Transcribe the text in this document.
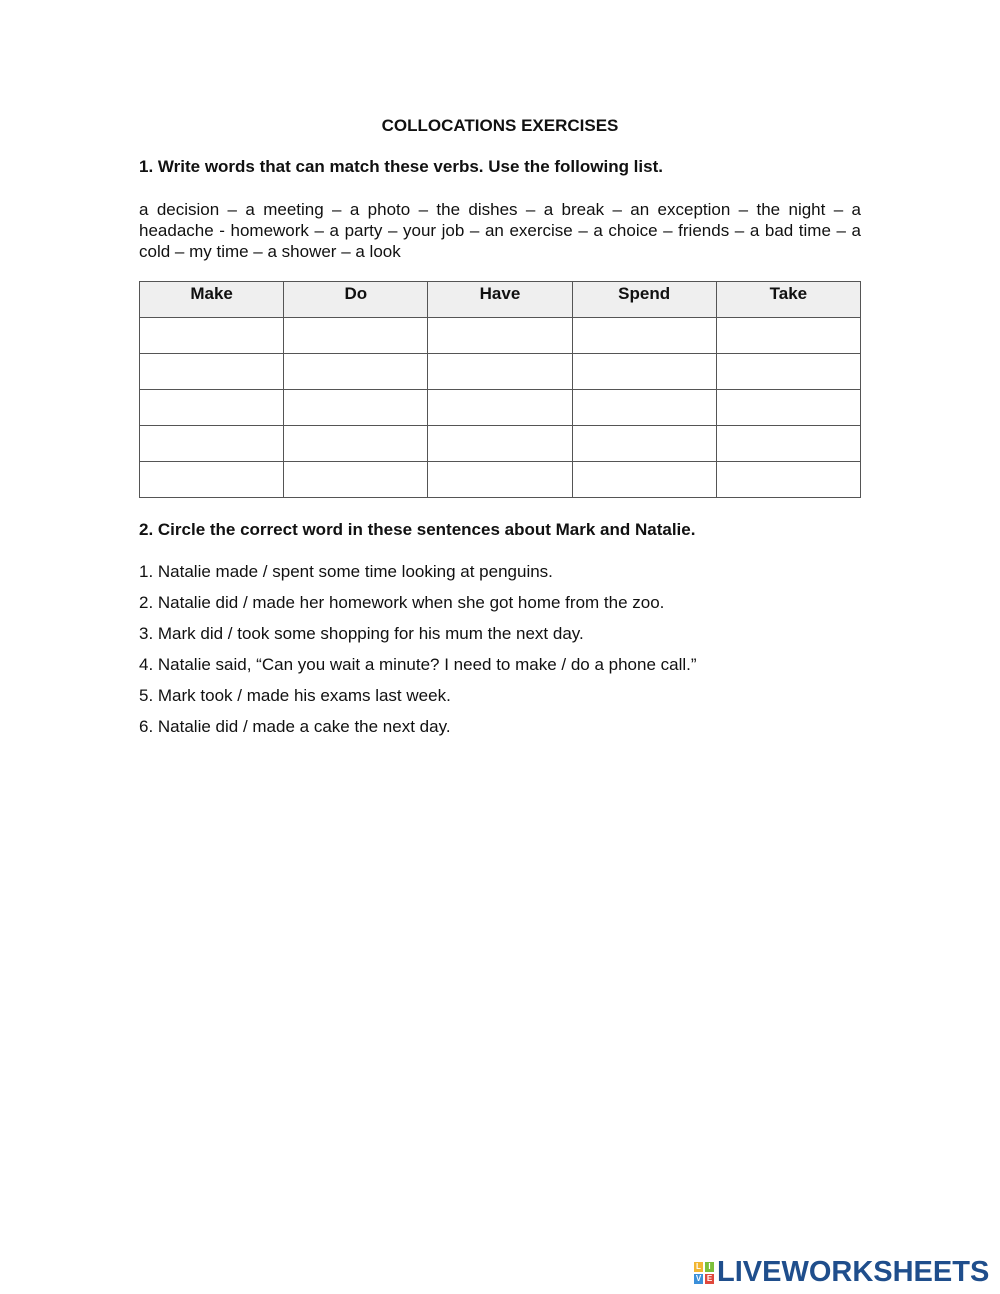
COLLOCATIONS EXERCISES
1. Write words that can match these verbs. Use the following list.
a decision – a meeting – a photo – the dishes – a break – an exception – the night – a headache - homework – a party – your job – an exercise – a choice – friends – a bad time – a cold – my time – a shower – a look
Make	Do	Have	Spend	Take

2. Circle the correct word in these sentences about Mark and Natalie.
1. Natalie made / spent some time looking at penguins.
2. Natalie did / made her homework when she got home from the zoo.
3. Mark did / took some shopping for his mum the next day.
4. Natalie said, “Can you wait a minute? I need to make / do a phone call.”
5. Mark took / made his exams last week.
6. Natalie did / made a cake the next day.
L I
V E LIVEWORKSHEETS
